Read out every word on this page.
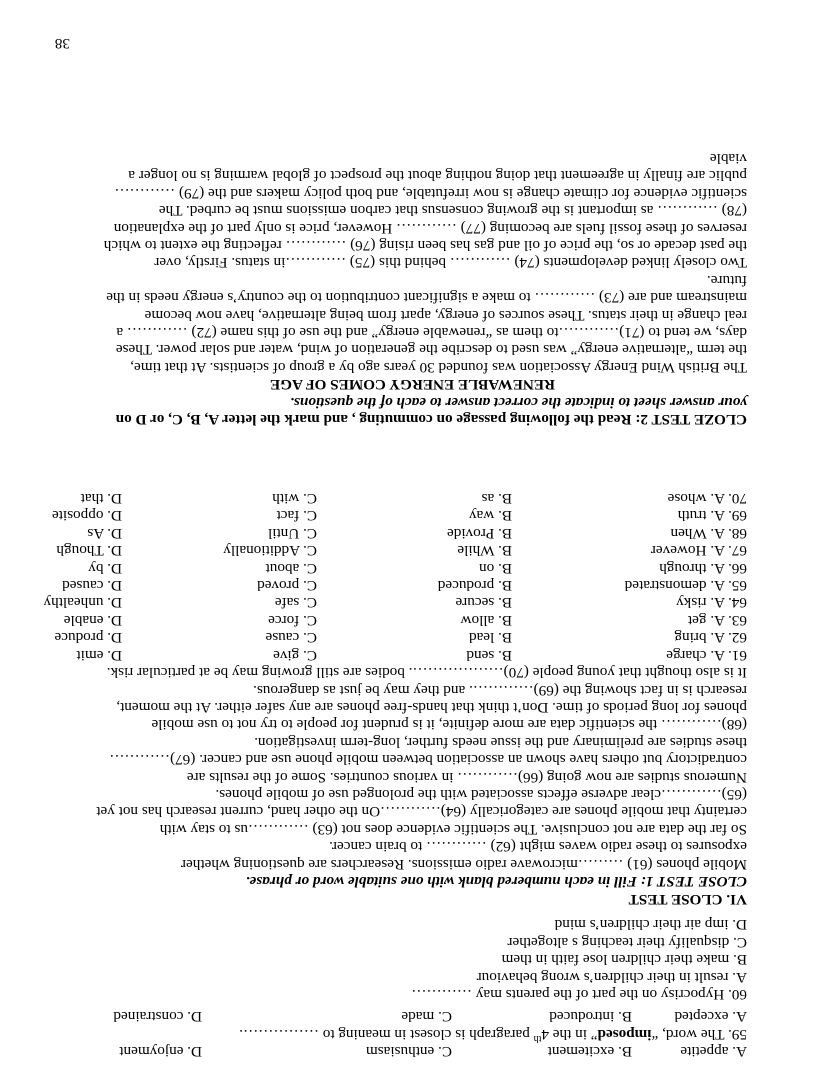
A. appetite
B. excitement
C. enthusiasm
D. enjoyment

59. The word, “imposed” in the 4th paragraph is closest in meaning to …………….

A. excepted
B. introduced
C. made
D. constrained

60. Hypocrisy on the part of the parents may …………

A. result in their children’s wrong behaviour

B. make their children lose faith in them

C. disqualify their teaching s altogether

D. imp air their children’s mind

VI. CLOSE TEST

CLOSE TEST 1: Fill in each numbered blank with one suitable word or phrase.

Mobile phones (61) ………microwave radio emissions. Researchers are questioning whether

exposures to these radio waves might (62) ………… to brain cancer.

So far the data are not conclusive. The scientific evidence does not (63) …………us to stay with

certainty that mobile phones are categorically (64)…………On the other hand, current research has not yet

(65)…………clear adverse effects associated with the prolonged use of mobile phones.

Numerous studies are now going (66)………… in various countries. Some of the results are

contradictory but others have shown an association between mobile phone use and cancer. (67)…………

these studies are preliminary and the issue needs further, long-term investigation.

(68)………… the scientific data are more definite, it is prudent for people to try not to use mobile

phones for long periods of time. Don’t think that hands-free phones are any safer either. At the moment,

research is in fact showing the (69)…………. and they may be just as dangerous.

It is also thought that young people (70)………………. bodies are still growing may be at particular risk.

61. A. charge
B. send
C. give
D. emit
62. A. bring
B. lead
C. cause
D. produce
63. A. get
B. allow
C. force
D. enable
64. A. risky
B. secure
C. safe
D. unhealthy
65. A. demonstrated
B. produced
C. proved
D. caused
66. A. through
B. on
C. about
D. by
67. A. However
B. While
C. Additionally
D. Though
68. A. When
B. Provide
C. Until
D. As
69. A. truth
B. way
C. fact
D. opposite
70. A. whose
B. as
C. with
D. that

CLOZE TEST 2: Read the following passage on commuting , and mark the letter A, B, C, or D on

your answer sheet to indicate the correct answer to each of the questions.

RENEWABLE ENERGY COMES OF AGE

The British Wind Energy Association was founded 30 years ago by a group of scientists. At that time,

the term “alternative energy” was used to describe the generation of wind, water and solar power. These

days, we tend to (71)…………to them as “renewable energy” and the use of this name (72) ………… a

real change in their status. These sources of energy, apart from being alternative, have now become

mainstream and are (73) ………… to make a significant contribution to the country’s energy needs in the

future.

Two closely linked developments (74) ………… behind this (75) …………in status. Firstly, over

the past decade or so, the price of oil and gas has been rising (76) ………… reflecting the extent to which

reserves of these fossil fuels are becoming (77) ………… However, price is only part of the explanation

(78) ………… as important is the growing consensus that carbon emissions must be curbed. The

scientific evidence for climate change is now irrefutable, and both policy makers and the (79) …………

public are finally in agreement that doing nothing about the prospect of global warming is no longer a

viable

38
